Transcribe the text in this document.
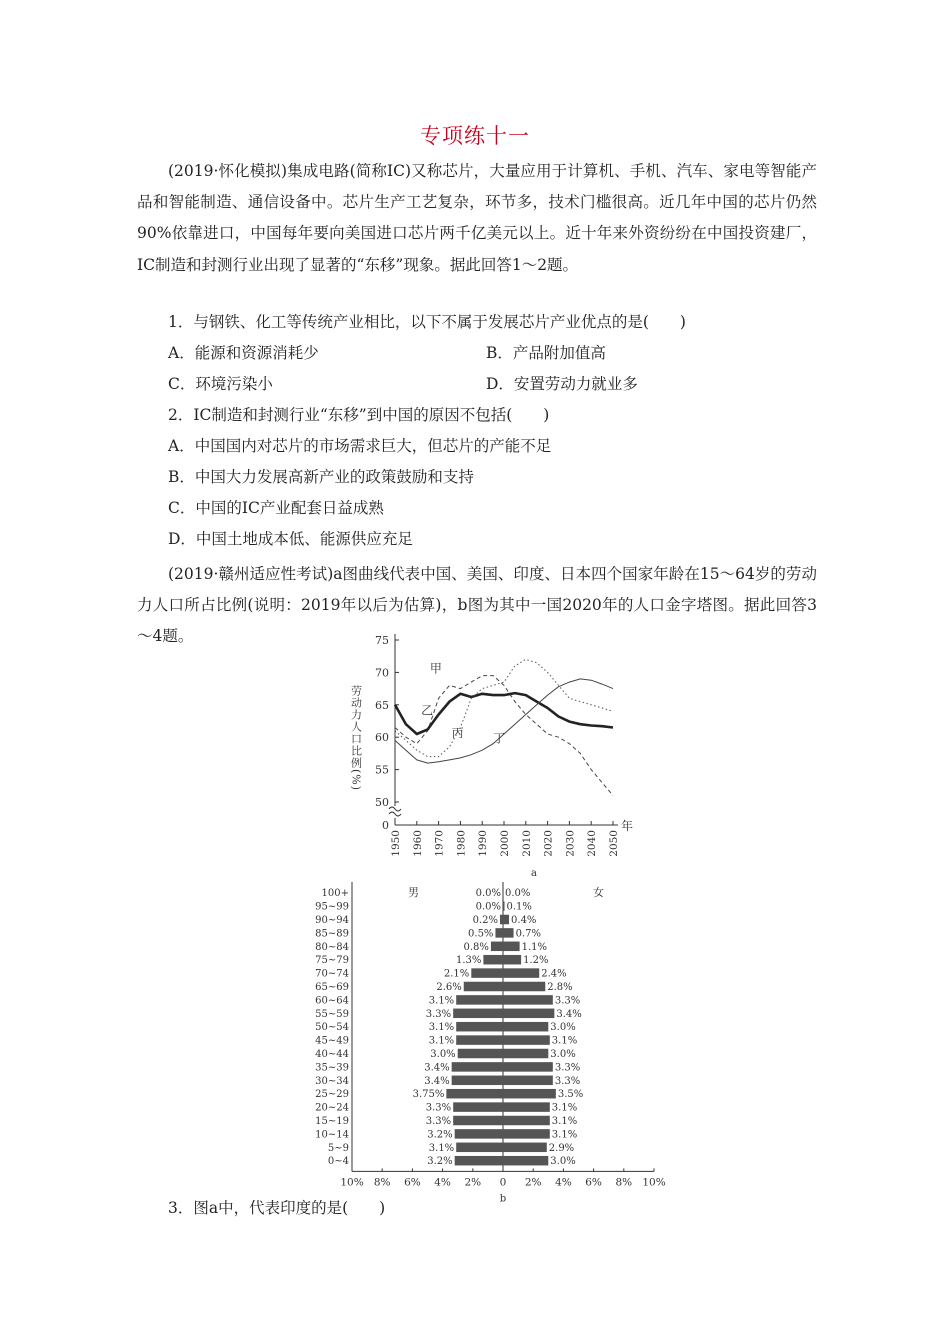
专项练十一

(2019·怀化模拟)集成电路(简称IC)又称芯片，大量应用于计算机、手机、汽车、家电等智能产品和智能制造、通信设备中。芯片生产工艺复杂，环节多，技术门槛很高。近几年中国的芯片仍然90%依靠进口，中国每年要向美国进口芯片两千亿美元以上。近十年来外资纷纷在中国投资建厂，IC制造和封测行业出现了显著的“东移”现象。据此回答1～2题。

1．与钢铁、化工等传统产业相比，以下不属于发展芯片产业优点的是(　　)
A．能源和资源消耗少	B．产品附加值高
C．环境污染小	D．安置劳动力就业多
2．IC制造和封测行业“东移”到中国的原因不包括(　　)
A．中国国内对芯片的市场需求巨大，但芯片的产能不足
B．中国大力发展高新产业的政策鼓励和支持
C．中国的IC产业配套日益成熟
D．中国土地成本低、能源供应充足

(2019·赣州适应性考试)a图曲线代表中国、美国、印度、日本四个国家年龄在15～64岁的劳动力人口所占比例(说明：2019年以后为估算)，b图为其中一国2020年的人口金字塔图。据此回答3～4题。

0
50
55
60
65
70
75
1950 1960 1970 1980 1990 2000 2010 2020 2030 2040 2050
年
劳动力人口比例(%)
甲
乙
丙 丁
a
10% 8% 6% 4% 2% 0 2% 4% 6% 8% 10%
男	女
100+	0.0% 0.0%
95~99	0.0% 0.1%
90~94	0.2% 0.4%
85~89	0.5% 0.7%
80~84	0.8%	1.1%
75~79	1.3%	1.2%
70~74	2.1%	2.4%
65~69	2.6%	2.8%
60~64	3.1%	3.3%
55~59	3.3%	3.4%
50~54	3.1%	3.0%
45~49	3.1%	3.1%
40~44	3.0%	3.0%
35~39	3.4%	3.3%
30~34	3.4%	3.3%
25~29	3.75%	3.5%
20~24	3.3%	3.1%
15~19	3.3%	3.1%
10~14	3.2%	3.1%
5~9	3.1%	2.9%
0~4	3.2%	3.0%
b
3．图a中，代表印度的是(　　)
